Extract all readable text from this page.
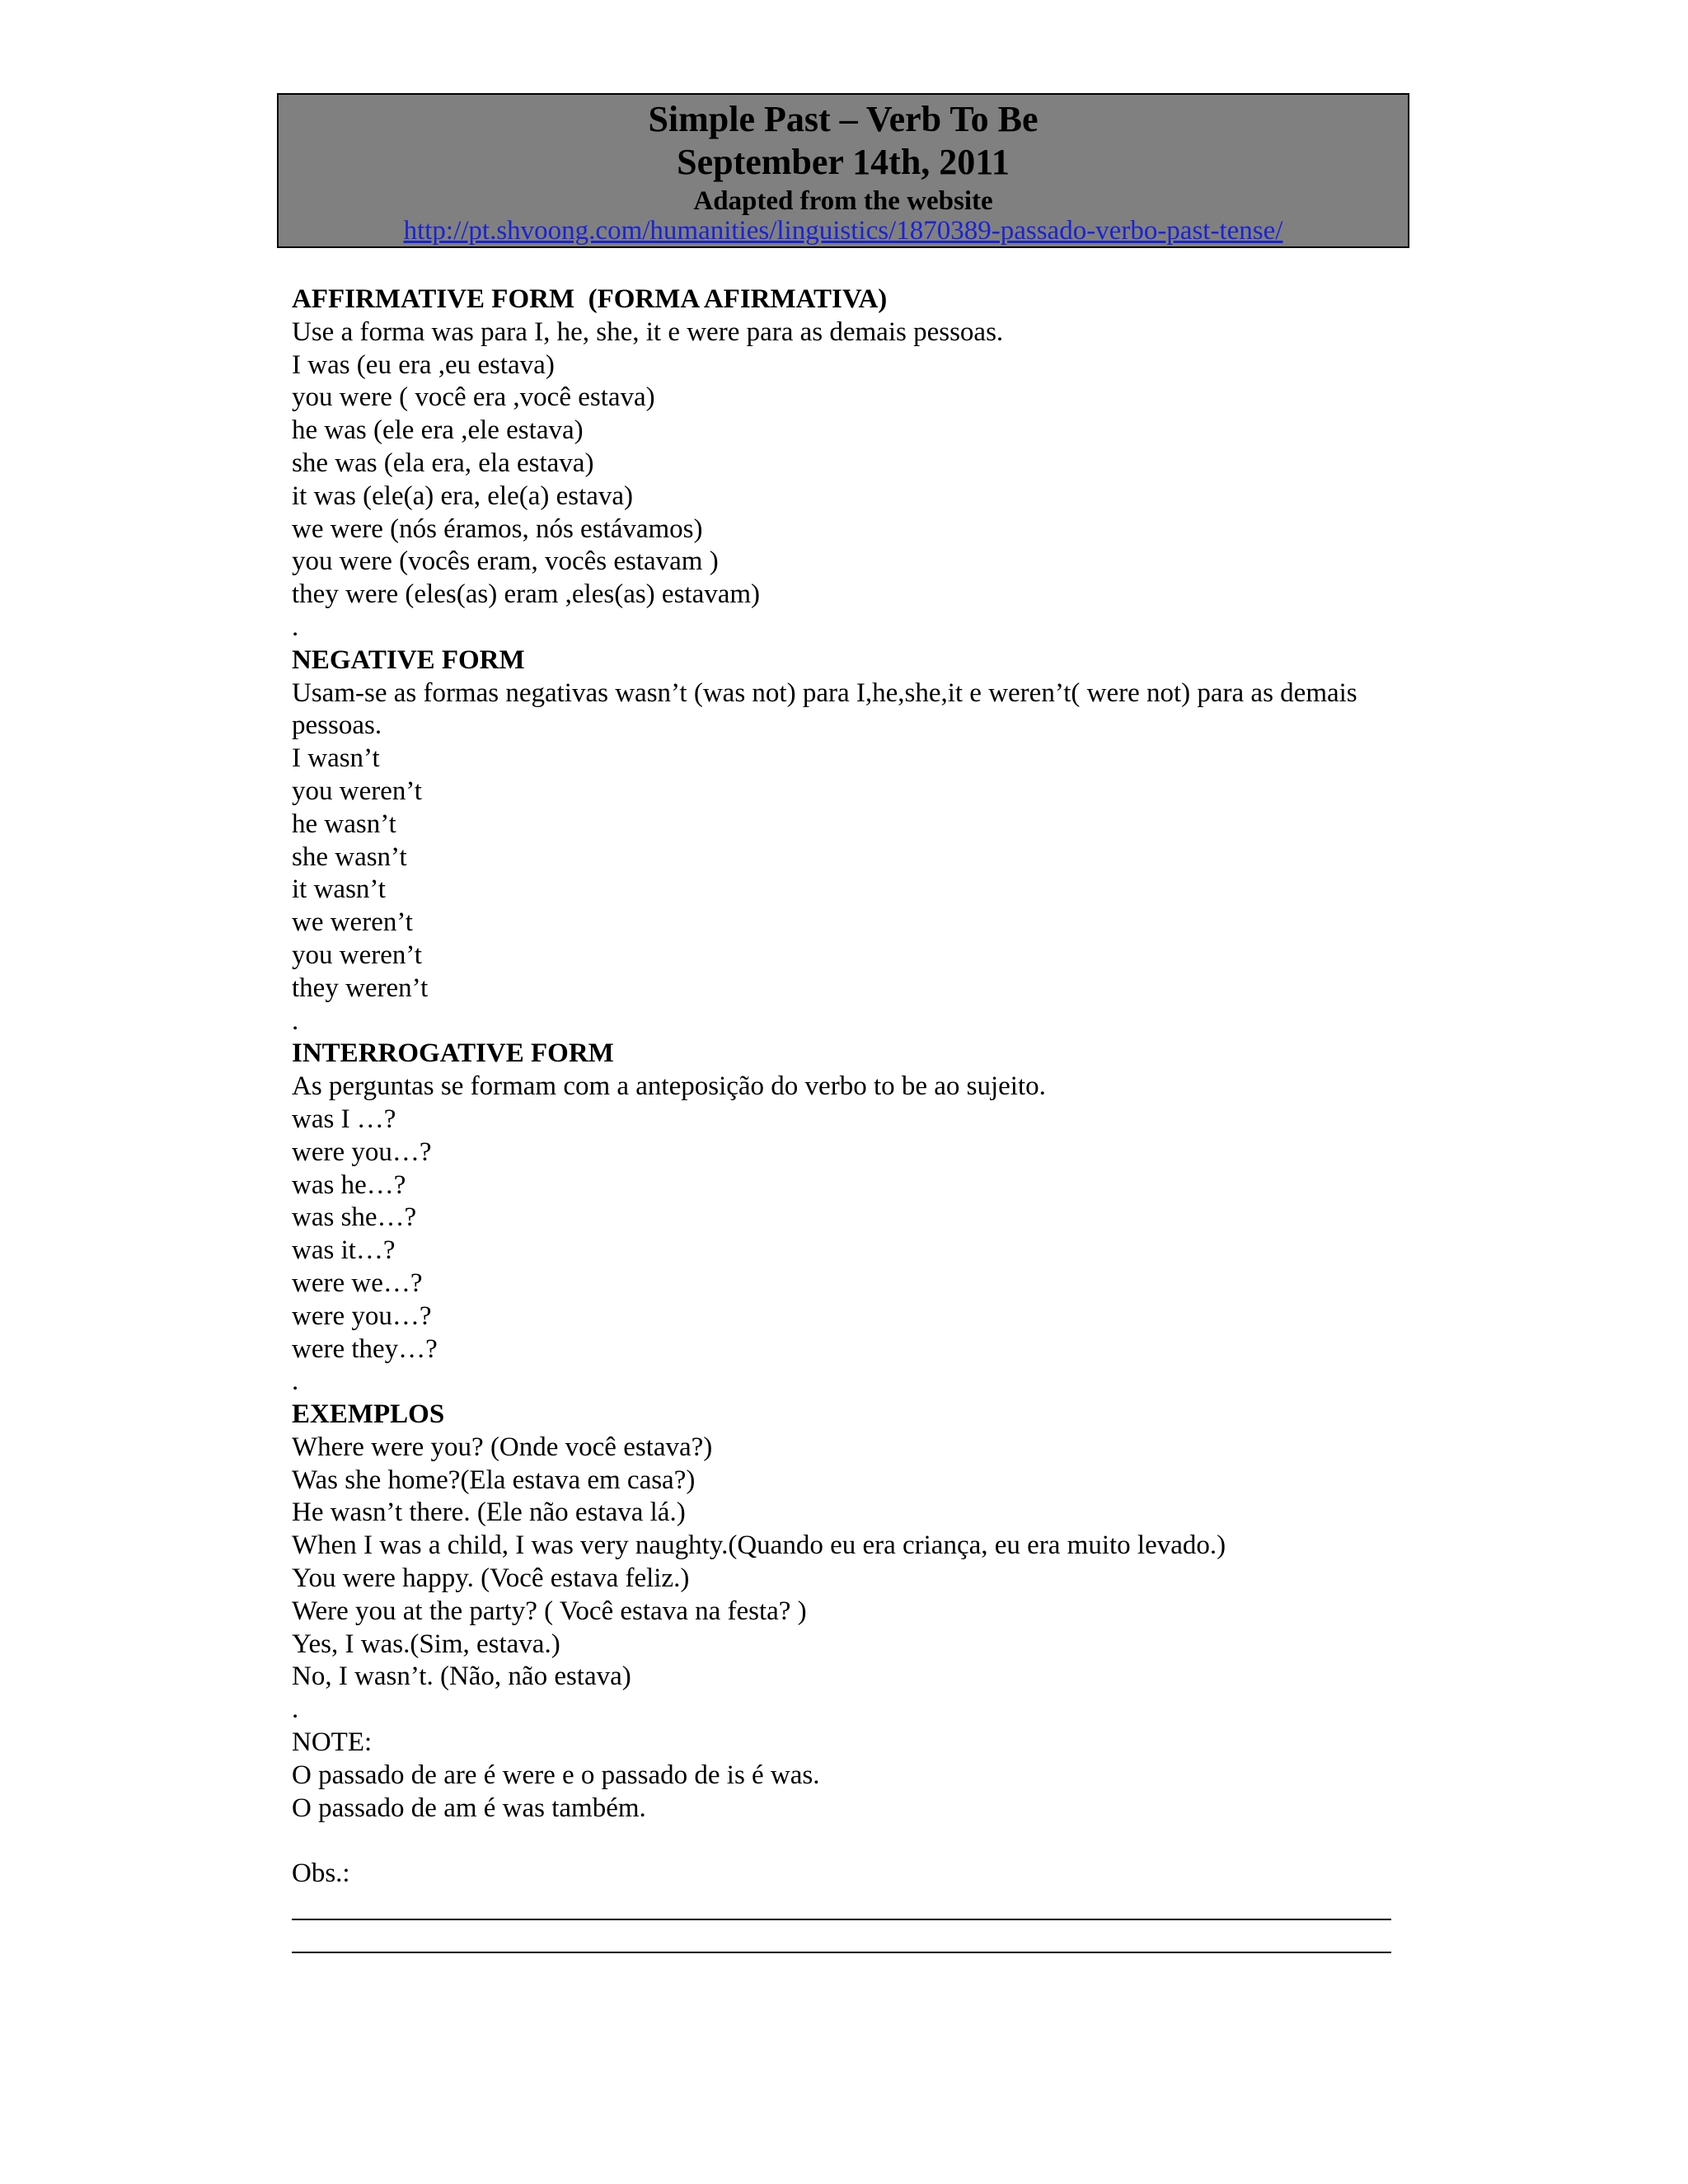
Simple Past – Verb To Be
September 14th, 2011
Adapted from the website
http://pt.shvoong.com/humanities/linguistics/1870389-passado-verbo-past-tense/
AFFIRMATIVE FORM  (FORMA AFIRMATIVA)
Use a forma was para I, he, she, it e were para as demais pessoas.
I was (eu era ,eu estava)
you were ( você era ,você estava)
he was (ele era ,ele estava)
she was (ela era, ela estava)
it was (ele(a) era, ele(a) estava)
we were (nós éramos, nós estávamos)
you were (vocês eram, vocês estavam )
they were (eles(as) eram ,eles(as) estavam)
.
NEGATIVE FORM
Usam-se as formas negativas wasn’t (was not) para I,he,she,it e weren’t( were not) para as demais pessoas.
I wasn’t
you weren’t
he wasn’t
she wasn’t
it wasn’t
we weren’t
you weren’t
they weren’t
.
INTERROGATIVE FORM
As perguntas se formam com a anteposição do verbo to be ao sujeito.
was I …?
were you…?
was he…?
was she…?
was it…?
were we…?
were you…?
were they…?
.
EXEMPLOS
Where were you? (Onde você estava?)
Was she home?(Ela estava em casa?)
He wasn’t there. (Ele não estava lá.)
When I was a child, I was very naughty.(Quando eu era criança, eu era muito levado.)
You were happy. (Você estava feliz.)
Were you at the party? ( Você estava na festa? )
Yes, I was.(Sim, estava.)
No, I wasn’t. (Não, não estava)
.
NOTE:
O passado de are é were e o passado de is é was.
O passado de am é was também.
Obs.:
